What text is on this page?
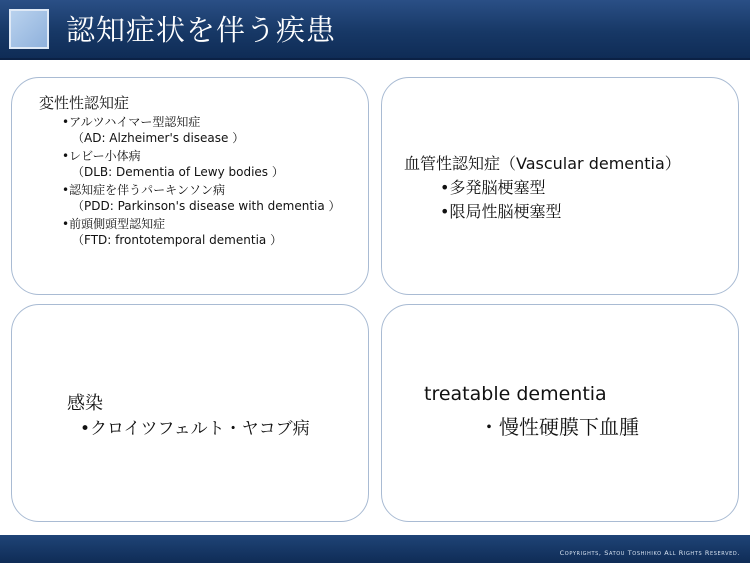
認知症状を伴う疾患
変性性認知症
•アルツハイマー型認知症
（AD: Alzheimer's disease ）
•レビー小体病
（DLB: Dementia of Lewy bodies ）
•認知症を伴うパーキンソン病
（PDD: Parkinson's disease with dementia ）
•前頭側頭型認知症
（FTD: frontotemporal dementia ）
血管性認知症（Vascular dementia）
•多発脳梗塞型
•限局性脳梗塞型
感染
•クロイツフェルト・ヤコブ病
treatable dementia
・慢性硬膜下血腫
Copyrights, Satou Toshihiko All Rights Reserved.
